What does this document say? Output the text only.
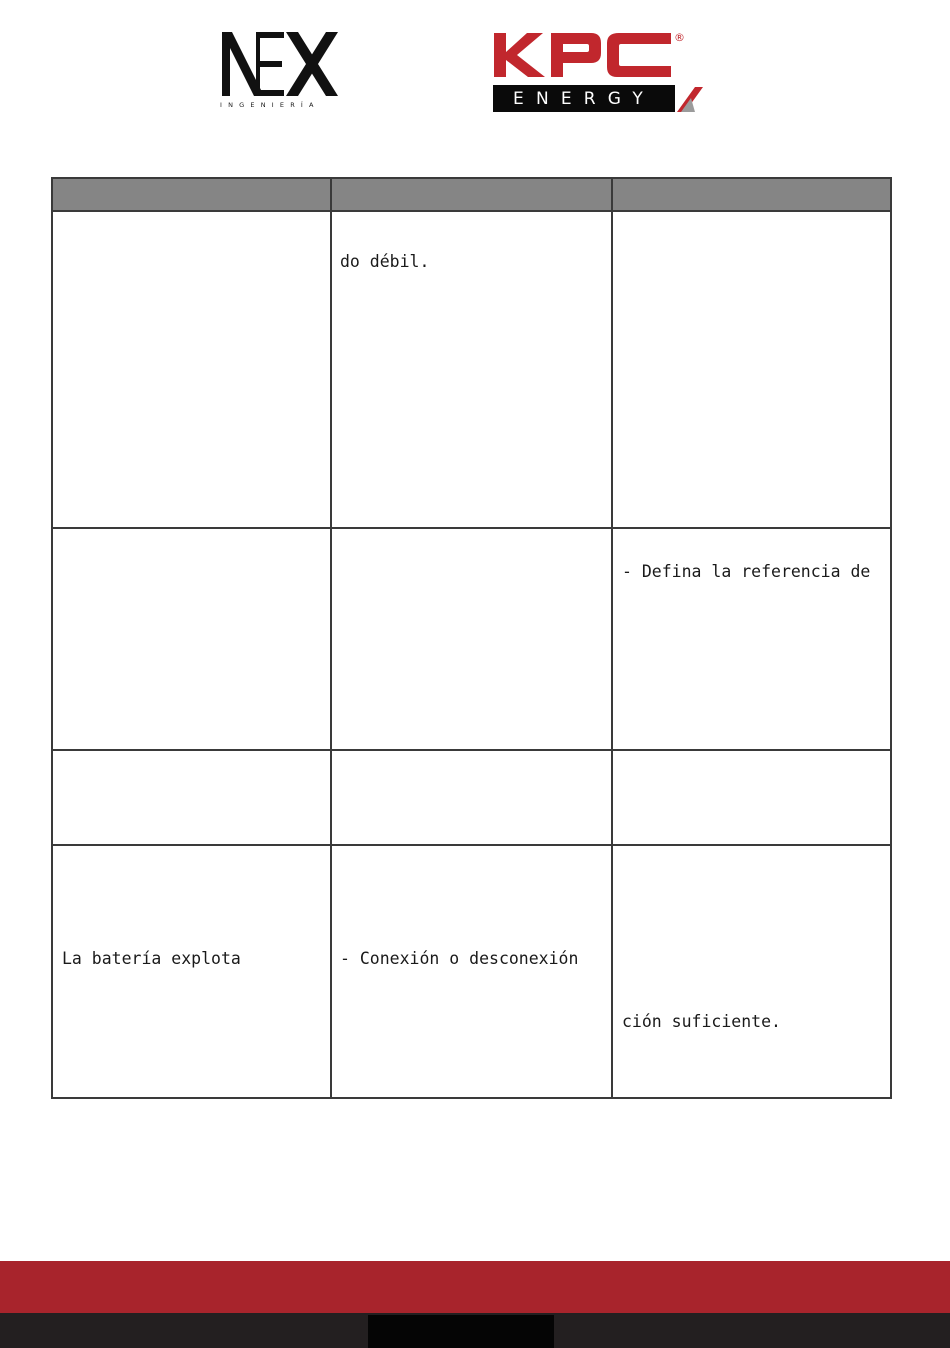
INGENIERÍA	ENERGY
®

	do débil.	

		- Defina la referencia de

La batería explota	- Conexión o desconexión	ción suficiente.
